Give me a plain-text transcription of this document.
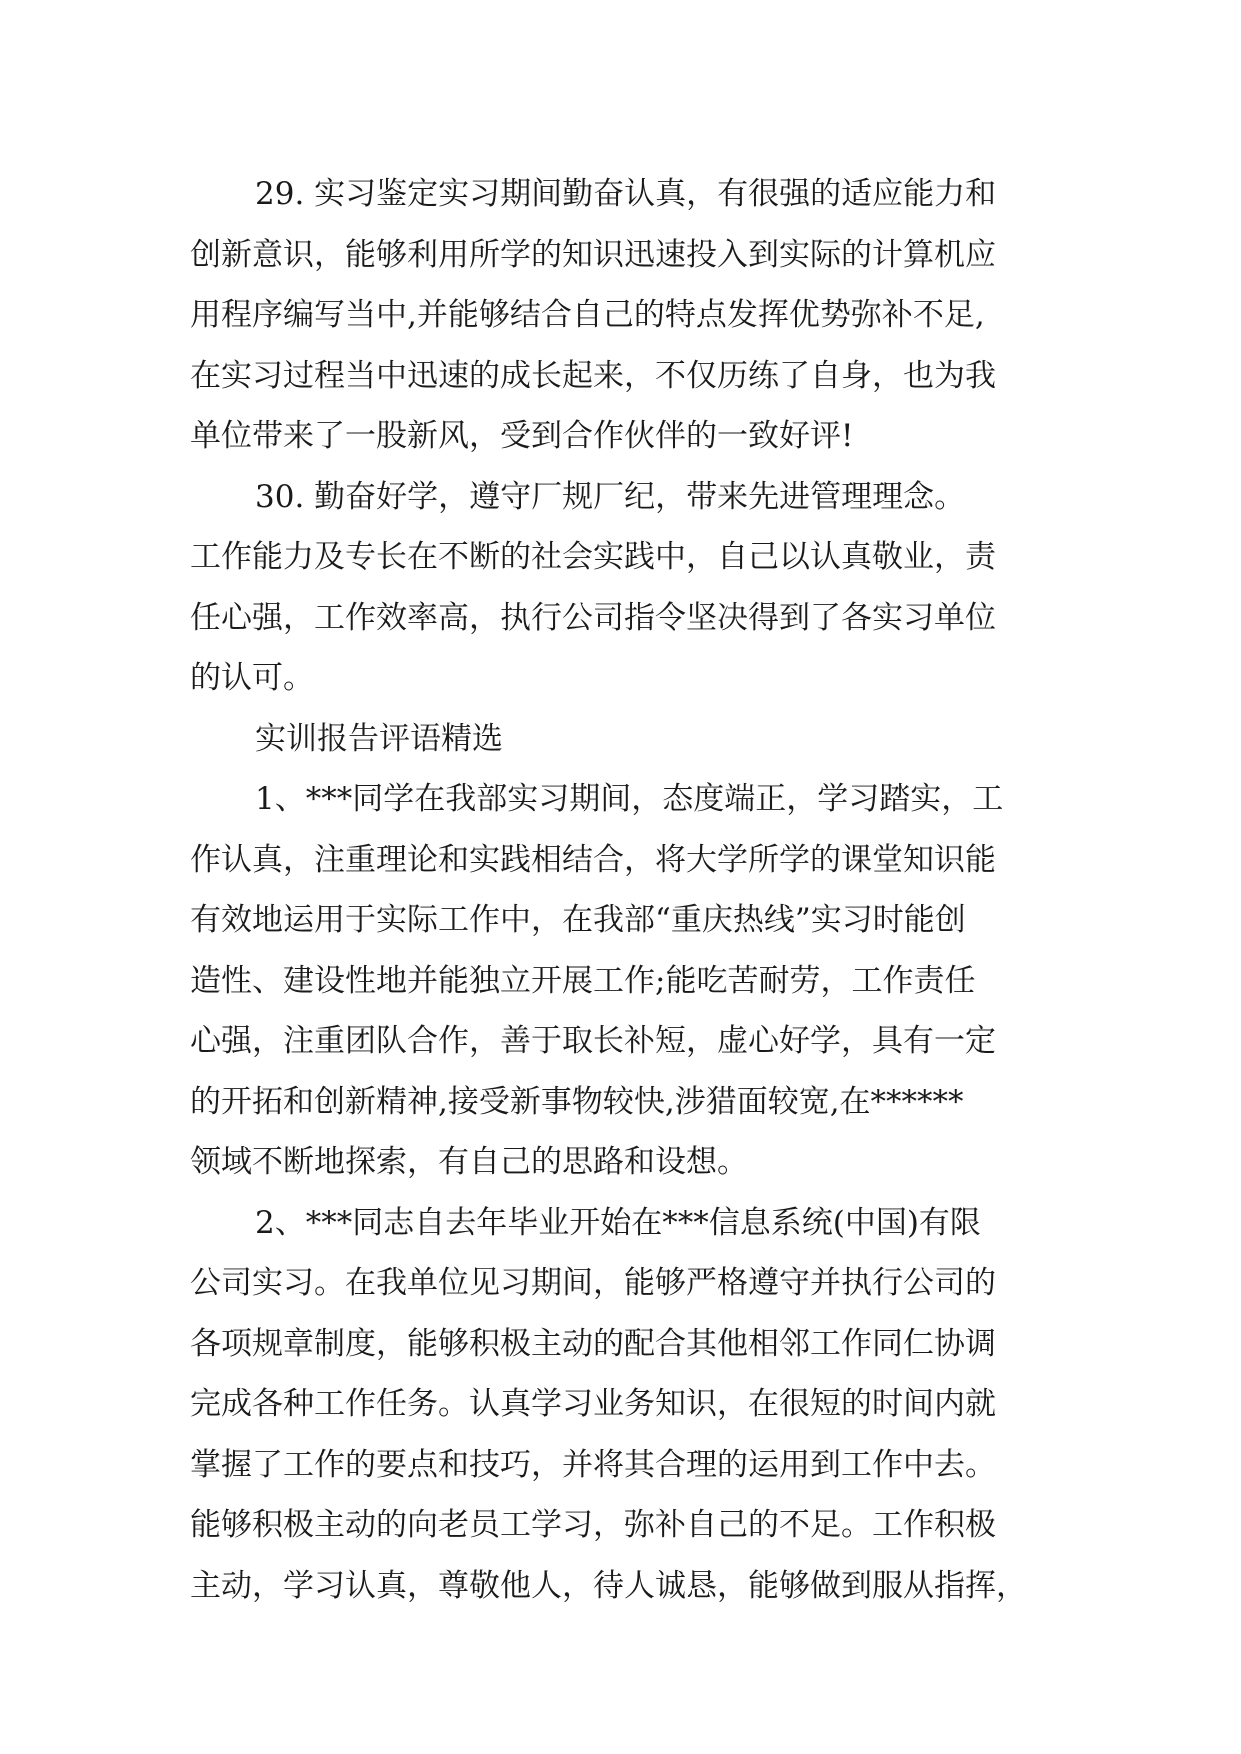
29. 实习鉴定实习期间勤奋认真，有很强的适应能力和
创新意识，能够利用所学的知识迅速投入到实际的计算机应
用程序编写当中,并能够结合自己的特点发挥优势弥补不足,
在实习过程当中迅速的成长起来，不仅历练了自身，也为我
单位带来了一股新风，受到合作伙伴的一致好评!
30. 勤奋好学，遵守厂规厂纪，带来先进管理理念。
工作能力及专长在不断的社会实践中，自己以认真敬业，责
任心强，工作效率高，执行公司指令坚决得到了各实习单位
的认可。
实训报告评语精选
1、***同学在我部实习期间，态度端正，学习踏实，工
作认真，注重理论和实践相结合，将大学所学的课堂知识能
有效地运用于实际工作中，在我部“重庆热线”实习时能创
造性、建设性地并能独立开展工作;能吃苦耐劳，工作责任
心强，注重团队合作，善于取长补短，虚心好学，具有一定
的开拓和创新精神,接受新事物较快,涉猎面较宽,在******
领域不断地探索，有自己的思路和设想。
2、***同志自去年毕业开始在***信息系统(中国)有限
公司实习。在我单位见习期间，能够严格遵守并执行公司的
各项规章制度，能够积极主动的配合其他相邻工作同仁协调
完成各种工作任务。认真学习业务知识，在很短的时间内就
掌握了工作的要点和技巧，并将其合理的运用到工作中去。
能够积极主动的向老员工学习，弥补自己的不足。工作积极
主动，学习认真，尊敬他人，待人诚恳，能够做到服从指挥，
